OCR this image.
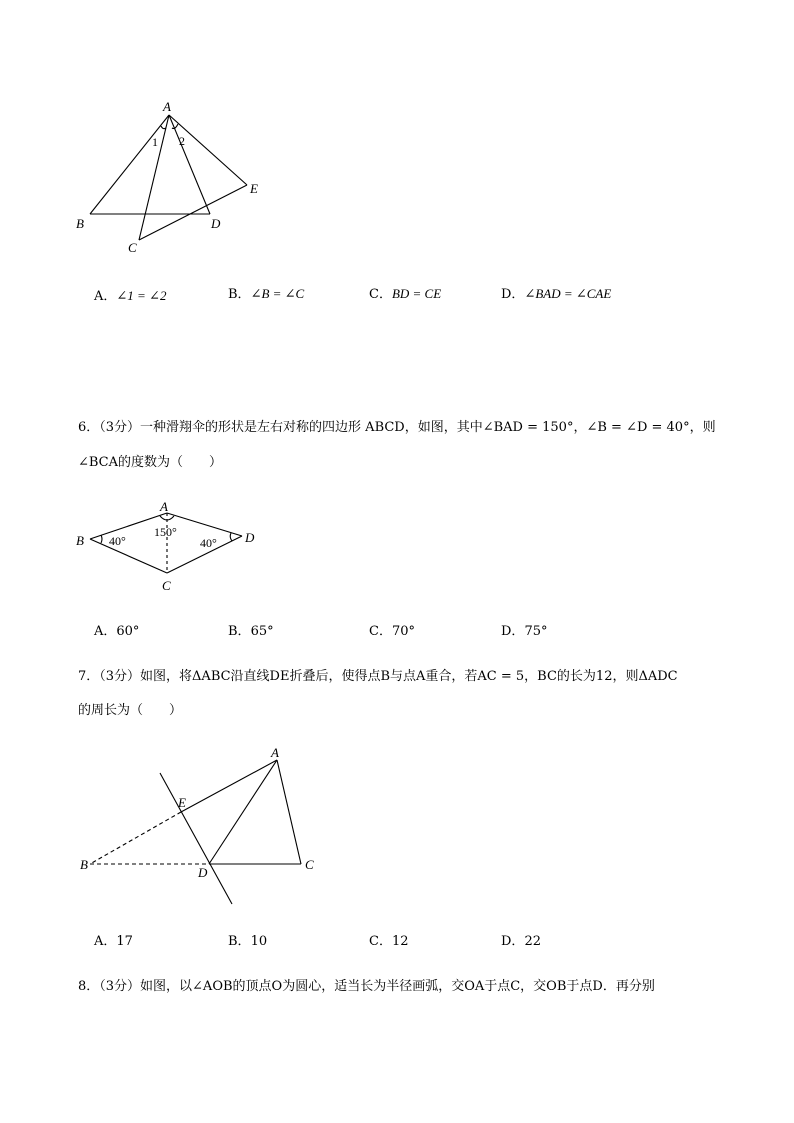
A
B
C
D
E
1 2
A．∠1 = ∠2	B．∠B = ∠C	C．BD = CE	D．∠BAD = ∠CAE
6．（3分）一种滑翔伞的形状是左右对称的四边形 ABCD，如图，其中∠BAD = 150°，∠B = ∠D = 40°，则
∠BCA的度数为（　　）
A
B
C
D
40°
150°
40°
A．60°	B．65°	C．70°	D．75°
7．（3分）如图，将ΔABC沿直线DE折叠后，使得点B与点A重合，若AC = 5，BC的长为12，则ΔADC
的周长为（　　）
A
B	C
D
E
A．17	B．10	C．12	D．22
8．（3分）如图，以∠AOB的顶点O为圆心，适当长为半径画弧，交OA于点C，交OB于点D．再分别
